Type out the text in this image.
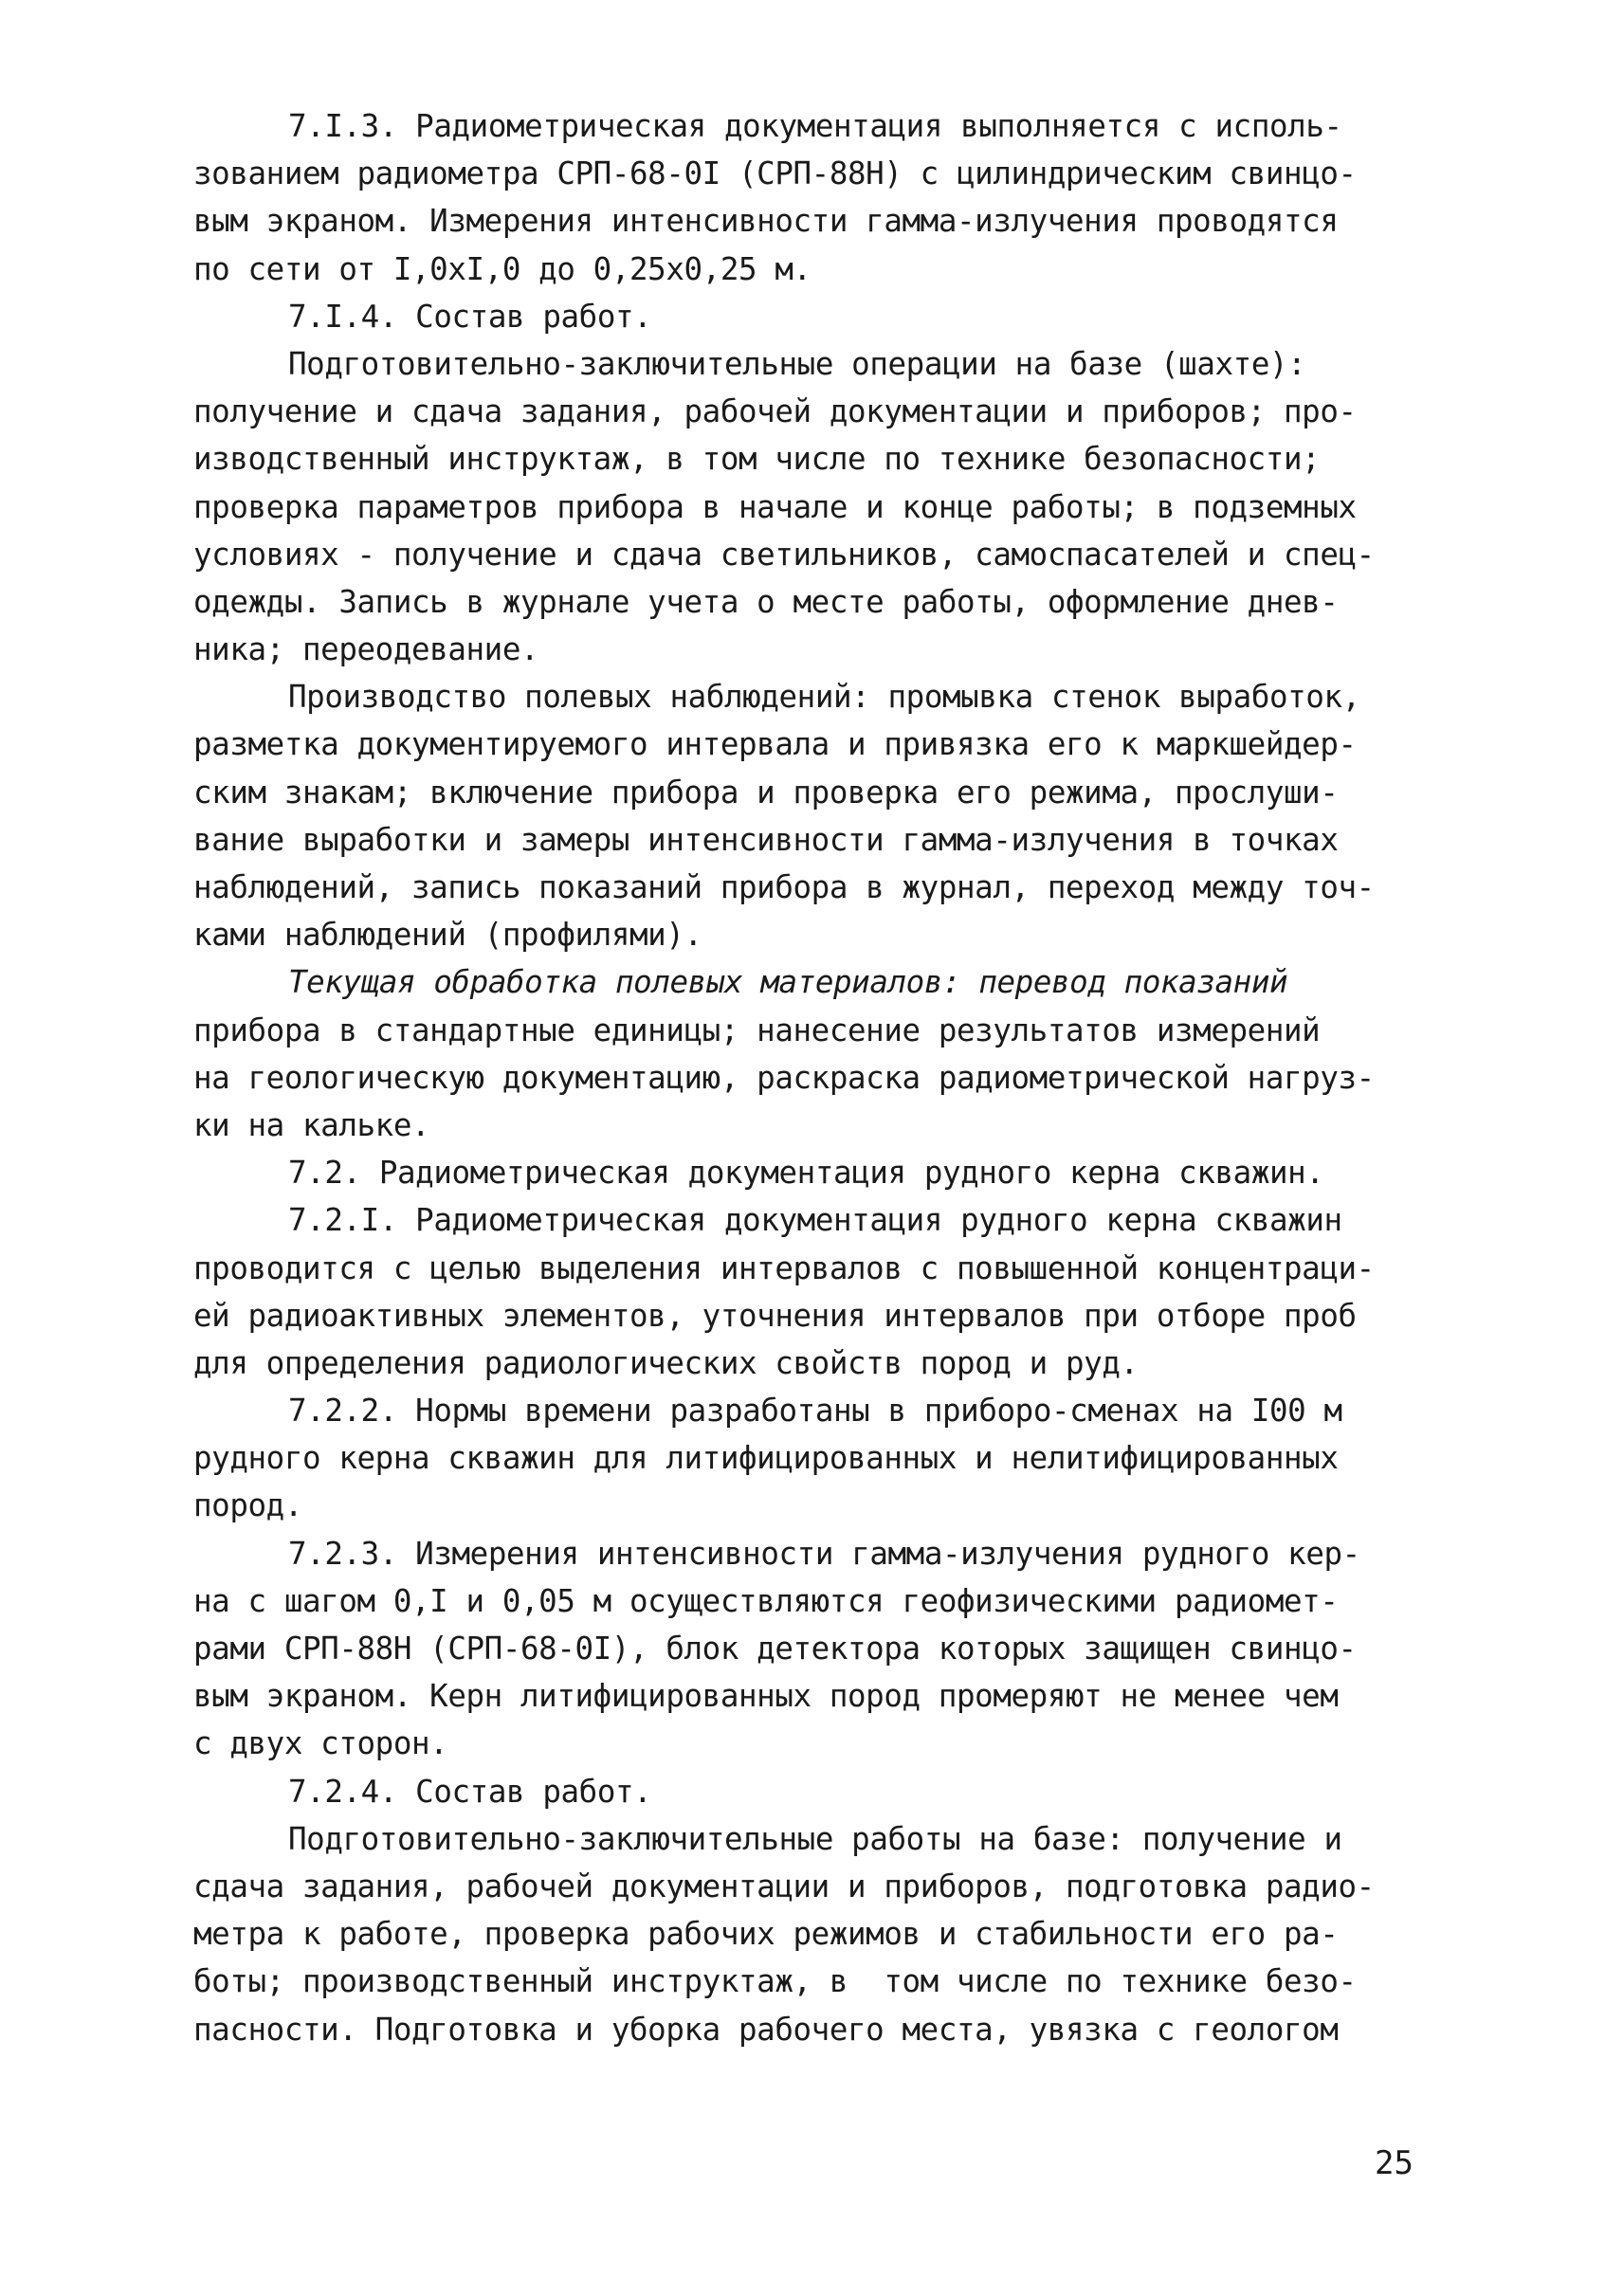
7.I.3. Радиометрическая документация выполняется с исполь-
зованием радиометра СРП-68-0I (СРП-88Н) с цилиндрическим свинцо-
вым экраном. Измерения интенсивности гамма-излучения проводятся
по сети от I,0хI,0 до 0,25х0,25 м.
7.I.4. Состав работ.
Подготовительно-заключительные операции на базе (шахте):
получение и сдача задания, рабочей документации и приборов; про-
изводственный инструктаж, в том числе по технике безопасности;
проверка параметров прибора в начале и конце работы; в подземных
условиях - получение и сдача светильников, самоспасателей и спец-
одежды. Запись в журнале учета о месте работы, оформление днев-
ника; переодевание.
Производство полевых наблюдений: промывка стенок выработок,
разметка документируемого интервала и привязка его к маркшейдер-
ским знакам; включение прибора и проверка его режима, прослуши-
вание выработки и замеры интенсивности гамма-излучения в точках
наблюдений, запись показаний прибора в журнал, переход между точ-
ками наблюдений (профилями).
Текущая обработка полевых материалов: перевод показаний
прибора в стандартные единицы; нанесение результатов измерений
на геологическую документацию, раскраска радиометрической нагруз-
ки на кальке.
7.2. Радиометрическая документация рудного керна скважин.
7.2.I. Радиометрическая документация рудного керна скважин
проводится с целью выделения интервалов с повышенной концентраци-
ей радиоактивных элементов, уточнения интервалов при отборе проб
для определения радиологических свойств пород и руд.
7.2.2. Нормы времени разработаны в приборо-сменах на I00 м
рудного керна скважин для литифицированных и нелитифицированных
пород.
7.2.3. Измерения интенсивности гамма-излучения рудного кер-
на с шагом 0,I и 0,05 м осуществляются геофизическими радиомет-
рами СРП-88Н (СРП-68-0I), блок детектора которых защищен свинцо-
вым экраном. Керн литифицированных пород промеряют не менее чем
с двух сторон.
7.2.4. Состав работ.
Подготовительно-заключительные работы на базе: получение и
сдача задания, рабочей документации и приборов, подготовка радио-
метра к работе, проверка рабочих режимов и стабильности его ра-
боты; производственный инструктаж, в  том числе по технике безо-
пасности. Подготовка и уборка рабочего места, увязка с геологом
25
